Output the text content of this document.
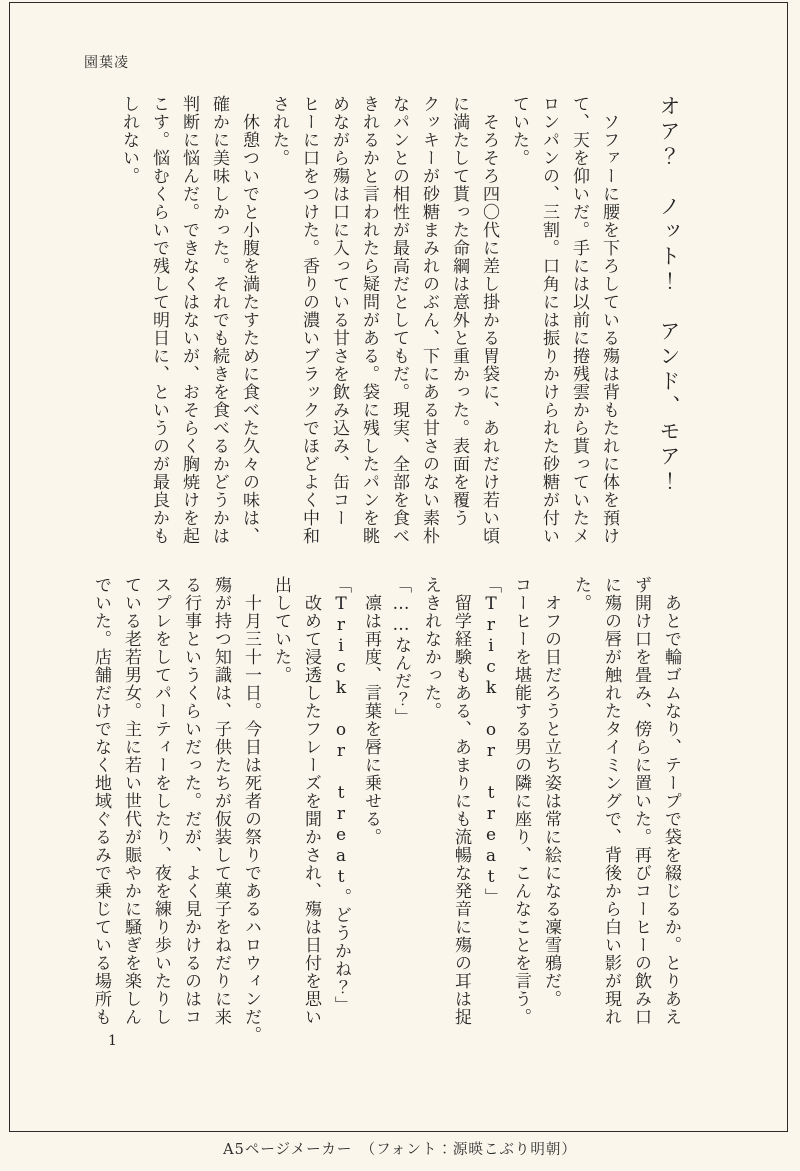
園葉凌

オア？　ノット！　アンド、モア！

　ソファーに腰を下ろしている殤は背もたれに体を預け

て、天を仰いだ。手には以前に捲残雲から貰っていたメ

ロンパンの、三割。口角には振りかけられた砂糖が付い

ていた。

　そろそろ四〇代に差し掛かる胃袋に、あれだけ若い頃

に満たして貰った命綱は意外と重かった。表面を覆う

クッキーが砂糖まみれのぶん、下にある甘さのない素朴

なパンとの相性が最高だとしてもだ。現実、全部を食べ

きれるかと言われたら疑問がある。袋に残したパンを眺

めながら殤は口に入っている甘さを飲み込み、缶コー

ヒーに口をつけた。香りの濃いブラックでほどよく中和

された。

　休憩ついでと小腹を満たすために食べた久々の味は、

確かに美味しかった。それでも続きを食べるかどうかは

判断に悩んだ。できなくはないが、おそらく胸焼けを起

こす。悩むくらいで残して明日に、というのが最良かも

しれない。

　あとで輪ゴムなり、テープで袋を綴じるか。とりあえ

ず開け口を畳み、傍らに置いた。再びコーヒーの飲み口

に殤の唇が触れたタイミングで、背後から白い影が現れ

た。

　オフの日だろうと立ち姿は常に絵になる凜雪鴉だ。

コーヒーを堪能する男の隣に座り、こんなことを言う。

「Trick or treat」

　留学経験もある、あまりにも流暢な発音に殤の耳は捉

えきれなかった。

「……なんだ？」

　凛は再度、言葉を唇に乗せる。

「Trick or treat。どうかね？」

　改めて浸透したフレーズを聞かされ、殤は日付を思い

出していた。

　十月三十一日。今日は死者の祭りであるハロウィンだ。

殤が持つ知識は、子供たちが仮装して菓子をねだりに来

る行事というくらいだった。だが、よく見かけるのはコ

スプレをしてパーティーをしたり、夜を練り歩いたりし

ている老若男女。主に若い世代が賑やかに騒ぎを楽しん

でいた。店舗だけでなく地域ぐるみで乗じている場所も

1
A5ページメーカー　（フォント：源暎こぶり明朝）
